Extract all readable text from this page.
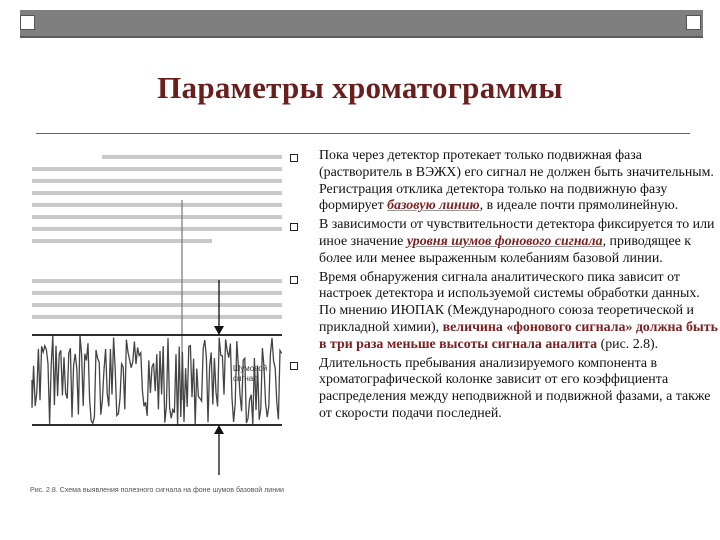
Параметры хроматограммы
Шумовой
сигнал
Рис. 2.8. Схема выявления полезного сигнала на фоне шумов базовой линии
Пока через детектор протекает только подвижная фаза (растворитель в ВЭЖХ) его сигнал не должен быть значительным. Регистрация отклика детектора только на подвижную фазу формирует базовую линию, в идеале почти прямолинейную.
В зависимости от чувствительности детектора фиксируется то или иное значение уровня шумов фонового сигнала, приводящее к более или менее выраженным колебаниям базовой линии.
Время обнаружения сигнала аналитического пика зависит от настроек детектора и используемой системы обработки данных. По мнению ИЮПАК (Международного союза теоретической и прикладной химии), величина «фонового сигнала» должна быть в три раза меньше высоты сигнала аналита (рис. 2.8).
Длительность пребывания анализируемого компонента в хроматографической колонке зависит от его коэффициента распределения между неподвижной и подвижной фазами, а также от скорости подачи последней.
